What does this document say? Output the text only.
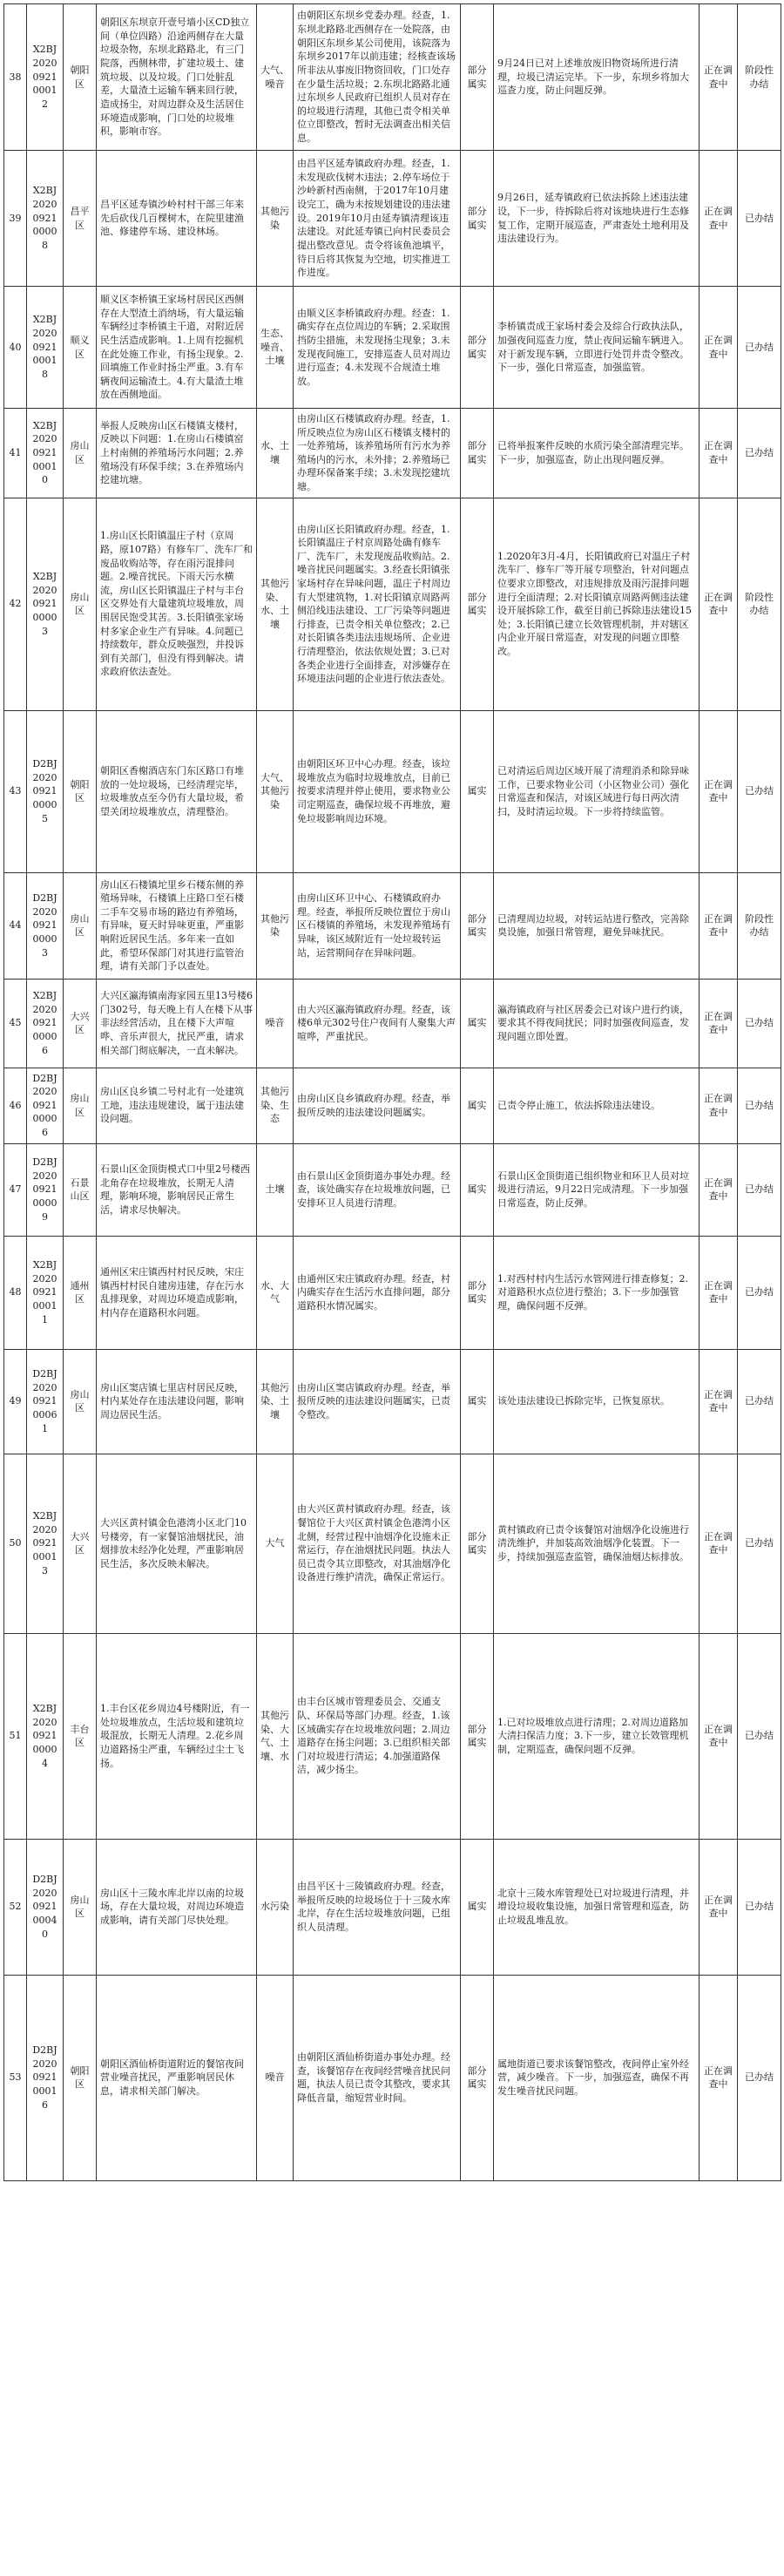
38	X2BJ2020092100012	朝阳区	朝阳区东坝京开壹号墙小区CD独立间（单位四路）沿途两侧存在大量垃圾杂物，东坝北路路北，有三门院落，西侧林带，扩建垃圾土、建筑垃圾、以及垃圾。门口处脏乱差，大量渣土运输车辆来回行驶，造成扬尘，对周边群众及生活居住环境造成影响，门口处的垃圾堆积，影响市容。	大气、噪音	由朝阳区东坝乡党委办理。经查，1.东坝北路路北西侧存在一处院落，由朝阳区东坝乡某公司使用，该院落为东坝乡2017年以前违建；经核查该场所非法从事废旧物资回收，门口处存在少量生活垃圾；2.东坝北路路北通过东坝乡人民政府已组织人员对存在的垃圾进行清理，其他已责令相关单位立即整改，暂时无法调查出相关信息。	部分属实	9月24日已对上述堆放废旧物资场所进行清理，垃圾已清运完毕。下一步，东坝乡将加大巡查力度，防止问题反弹。	正在调查中	阶段性办结
39	X2BJ2020092100008	昌平区	昌平区延寿镇沙岭村村干部三年来先后砍伐几百棵树木，在院里建渔池、修建停车场、建设林场。	其他污染	由昌平区延寿镇政府办理。经查，1.未发现砍伐树木违法；2.停车场位于沙岭新村西南侧，于2017年10月建设完工，确为未按规划建设的违法建设。2019年10月由延寿镇清理该违法建设。对此延寿镇已向村民委员会提出整改意见。责令将该鱼池填平，待日后将其恢复为空地，切实推进工作进度。	部分属实	9月26日，延寿镇政府已依法拆除上述违法建设，下一步，待拆除后将对该地块进行生态修复工作，定期开展巡查，严肃查处土地利用及违法建设行为。	正在调查中	已办结
40	X2BJ2020092100018	顺义区	顺义区李桥镇王家场村居民区西侧存在大型渣土消纳场，有大量运输车辆经过李桥镇主干道，对附近居民生活造成影响。1.上周有挖掘机在此处施工作业，有扬尘现象。2.回填施工作业时扬尘严重。3.有车辆夜间运输渣土。4.有大量渣土堆放在西侧地面。	生态、噪音、土壤	由顺义区李桥镇政府办理。经查：1.确实存在点位周边的车辆；2.采取围挡防尘措施，未发现扬尘现象；3.未发现夜间施工，安排巡查人员对周边进行巡查；4.未发现不合规渣土堆放。	部分属实	李桥镇责成王家场村委会及综合行政执法队，加强夜间巡查力度，禁止夜间运输车辆进入。对于新发现车辆，立即进行处罚并责令整改。下一步，强化日常巡查，加强监管。	正在调查中	已办结
41	X2BJ2020092100010	房山区	举报人反映房山区石楼镇支楼村，反映以下问题：1.在房山石楼镇窑上村南侧的养殖场污水问题；2.养殖场没有环保手续；3.在养殖场内挖建坑塘。	水、土壤	由房山区石楼镇政府办理。经查，1.所反映点位为房山区石楼镇支楼村的一处养殖场，该养殖场所有污水为养殖场内的污水，未外排；2.养殖场已办理环保备案手续；3.未发现挖建坑塘。	部分属实	已将举报案件反映的水质污染全部清理完毕。下一步，加强巡查，防止出现问题反弹。	正在调查中	已办结
42	X2BJ2020092100003	房山区	1.房山区长阳镇温庄子村（京周路，原107路）有修车厂、洗车厂和废品收购站等，存在雨污混排问题。2.噪音扰民。下雨天污水横流，房山区长阳镇温庄子村与丰台区交界处有大量建筑垃圾堆放，周围居民饱受其苦。3.长阳镇张家场村多家企业生产有异味。4.问题已持续数年，群众反映强烈，并投诉到有关部门，但没有得到解决。请求政府依法查处。	其他污染、水、土壤	由房山区长阳镇政府办理。经查，1.长阳镇温庄子村京周路处确有修车厂、洗车厂，未发现废品收购站。2.噪音扰民问题属实。3.经查长阳镇张家场村存在异味问题，温庄子村周边有大型建筑物，1.对长阳镇京周路两侧沿线违法建设、工厂污染等问题进行排查，已责令相关单位整改；2.已对长阳镇各类违法违规场所、企业进行清理整治，依法依规处置；3.已对各类企业进行全面排查，对涉嫌存在环境违法问题的企业进行依法查处。	部分属实	1.2020年3月-4月，长阳镇政府已对温庄子村洗车厂、修车厂等开展专项整治，针对问题点位要求立即整改，对违规排放及雨污混排问题进行全面清理；2.对长阳镇京周路两侧违法建设开展拆除工作，截至目前已拆除违法建设15处；3.长阳镇已建立长效管理机制，并对辖区内企业开展日常巡查，对发现的问题立即整改。	正在调查中	阶段性办结
43	D2BJ2020092100005	朝阳区	朝阳区香榭酒店东门东区路口有堆放的一处垃圾场，已经清理完毕，垃圾堆放点至今仍有大量垃圾，希望关闭垃圾堆放点，清理整治。	大气、其他污染	由朝阳区环卫中心办理。经查，该垃圾堆放点为临时垃圾堆放点，目前已按要求清理并停止使用，要求物业公司定期巡查，确保垃圾不再堆放，避免垃圾影响周边环境。	属实	已对清运后周边区域开展了清理消杀和除异味工作，已要求物业公司（小区物业公司）强化日常巡查和保洁，对该区域进行每日两次清扫，及时清运垃圾。下一步将持续监管。	正在调查中	已办结
44	D2BJ2020092100003	房山区	房山区石楼镇坨里乡石楼东侧的养殖场异味，石楼镇上庄路口至石楼二手车交易市场的路边有养殖场，有异味，夏天时异味更重，严重影响附近居民生活。多年来一直如此，希望环保部门对其进行监管治理，请有关部门予以查处。	其他污染	由房山区环卫中心、石楼镇政府办理。经查，举报所反映位置位于房山区石楼镇的养殖场，未发现养殖场有异味，该区域附近有一处垃圾转运站，运营期间存在异味问题。	部分属实	已清理周边垃圾，对转运站进行整改，完善除臭设施，加强日常管理，避免异味扰民。	正在调查中	阶段性办结
45	X2BJ2020092100006	大兴区	大兴区瀛海镇南海家园五里13号楼6门302号，每天晚上有人在楼下从事非法经营活动，且在楼下大声喧哗、音乐声很大，扰民严重，请求相关部门彻底解决，一直未解决。	噪音	由大兴区瀛海镇政府办理。经查，该楼6单元302号住户夜间有人聚集大声喧哗，严重扰民。	属实	瀛海镇政府与社区居委会已对该户进行约谈，要求其不得夜间扰民；同时加强夜间巡查，发现问题立即处置。	正在调查中	已办结
46	D2BJ2020092100006	房山区	房山区良乡镇二号村北有一处建筑工地，违法违规建设，属于违法建设问题。	其他污染、生态	由房山区良乡镇政府办理。经查，举报所反映的违法建设问题属实。	属实	已责令停止施工，依法拆除违法建设。	正在调查中	已办结
47	D2BJ2020092100009	石景山区	石景山区金顶街模式口中里2号楼西北角存在垃圾堆放，长期无人清理，影响环境，影响居民正常生活，请求尽快解决。	土壤	由石景山区金顶街道办事处办理。经查，该处确实存在垃圾堆放问题，已安排环卫人员进行清理。	属实	石景山区金顶街道已组织物业和环卫人员对垃圾进行清运，9月22日完成清理。下一步加强日常巡查，防止反弹。	正在调查中	已办结
48	X2BJ2020092100011	通州区	通州区宋庄镇西村村民反映，宋庄镇西村村民自建房违建，存在污水乱排现象，对周边环境造成影响，村内存在道路积水问题。	水、大气	由通州区宋庄镇政府办理。经查，村内确实存在生活污水直排问题，部分道路积水情况属实。	部分属实	1.对西村村内生活污水管网进行排查修复；2.对道路积水点位进行整治；3.下一步加强管理，确保问题不反弹。	正在调查中	已办结
49	D2BJ2020092100061	房山区	房山区窦店镇七里店村居民反映，村内某处存在违法建设问题，影响周边居民生活。	其他污染、土壤	由房山区窦店镇政府办理。经查，举报所反映的违法建设问题属实，已责令整改。	属实	该处违法建设已拆除完毕，已恢复原状。	正在调查中	已办结
50	X2BJ2020092100013	大兴区	大兴区黄村镇金色港湾小区北门10号楼旁，有一家餐馆油烟扰民，油烟排放未经净化处理，严重影响居民生活，多次反映未解决。	大气	由大兴区黄村镇政府办理。经查，该餐馆位于大兴区黄村镇金色港湾小区北侧，经营过程中油烟净化设施未正常运行，存在油烟扰民问题。执法人员已责令其立即整改，对其油烟净化设备进行维护清洗，确保正常运行。	部分属实	黄村镇政府已责令该餐馆对油烟净化设施进行清洗维护，并加装高效油烟净化装置。下一步，持续加强巡查监管，确保油烟达标排放。	正在调查中	已办结
51	X2BJ2020092100004	丰台区	1.丰台区花乡周边4号楼附近，有一处垃圾堆放点，生活垃圾和建筑垃圾混放，长期无人清理。2.花乡周边道路扬尘严重，车辆经过尘土飞扬。	其他污染、大气、土壤、水	由丰台区城市管理委员会、交通支队、环保局等部门办理。经查，1.该区域确实存在垃圾堆放问题；2.周边道路存在扬尘问题；3.已组织相关部门对垃圾进行清运；4.加强道路保洁，减少扬尘。	部分属实	1.已对垃圾堆放点进行清理；2.对周边道路加大清扫保洁力度；3.下一步，建立长效管理机制，定期巡查，确保问题不反弹。	正在调查中	已办结
52	D2BJ2020092100040	房山区	房山区十三陵水库北岸以南的垃圾场，存在大量垃圾，对周边环境造成影响，请有关部门尽快处理。	水污染	由昌平区十三陵镇政府办理。经查，举报所反映的垃圾场位于十三陵水库北岸，存在生活垃圾堆放问题，已组织人员清理。	属实	北京十三陵水库管理处已对垃圾进行清理，并增设垃圾收集设施，加强日常管理和巡查，防止垃圾乱堆乱放。	正在调查中	已办结
53	D2BJ2020092100016	朝阳区	朝阳区酒仙桥街道附近的餐馆夜间营业噪音扰民，严重影响居民休息，请求相关部门解决。	噪音	由朝阳区酒仙桥街道办事处办理。经查，该餐馆存在夜间经营噪音扰民问题，执法人员已责令其整改，要求其降低音量，缩短营业时间。	部分属实	属地街道已要求该餐馆整改，夜间停止室外经营，减少噪音。下一步，加强巡查，确保不再发生噪音扰民问题。	正在调查中	已办结
